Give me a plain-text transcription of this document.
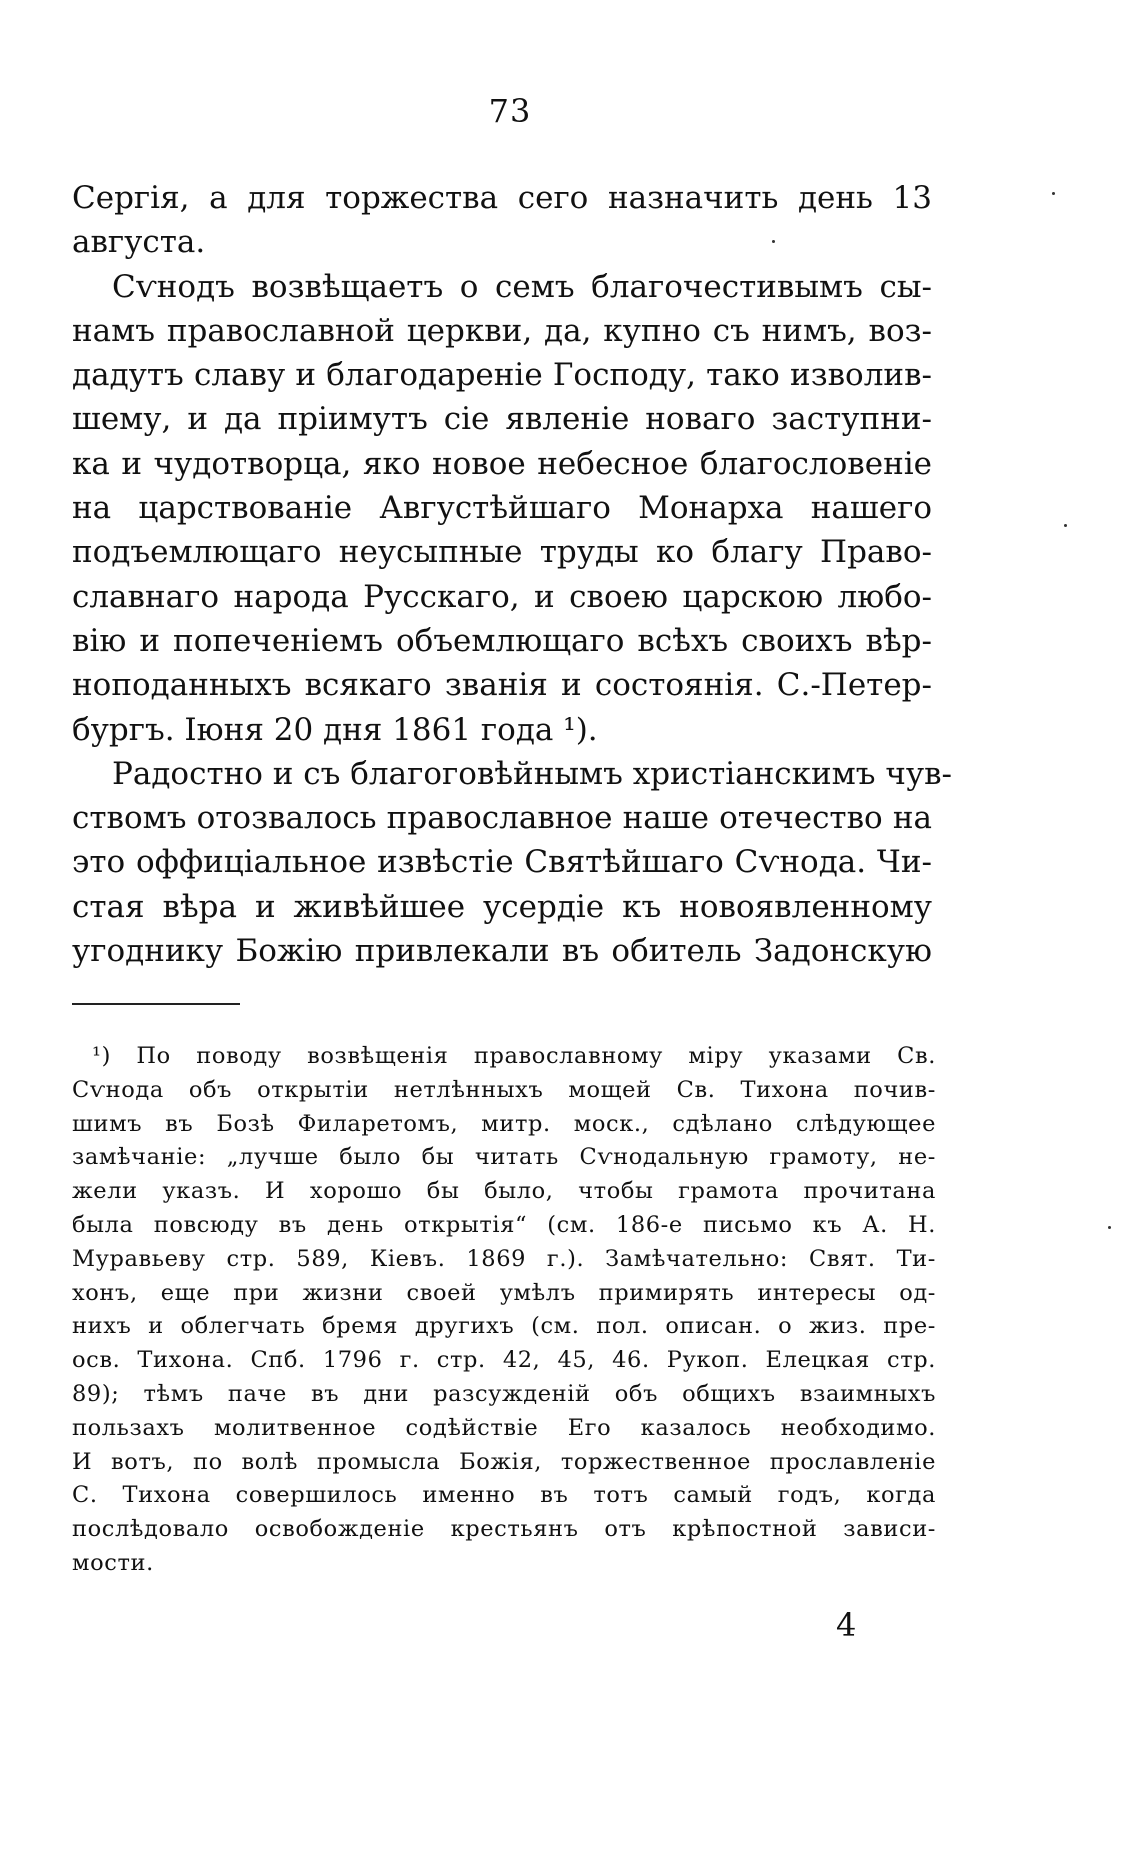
73
Сергія, а для торжества сего назначить день 13
августа.
Сѵнодъ возвѣщаетъ о семъ благочестивымъ сы-
намъ православной церкви, да, купно съ нимъ, воз-
дадутъ славу и благодареніе Господу, тако изволив-
шему, и да пріимутъ сіе явленіе новаго заступни-
ка и чудотворца, яко новое небесное благословеніе
на царствованіе Августѣйшаго Монарха нашего
подъемлющаго неусыпные труды ко благу Право-
славнаго народа Русскаго, и своею царскою любо-
вію и попеченіемъ объемлющаго всѣхъ своихъ вѣр-
ноподанныхъ всякаго званія и состоянія. С.-Петер-
бургъ. Іюня 20 дня 1861 года ¹).
Радостно и съ благоговѣйнымъ христіанскимъ чув-
ствомъ отозвалось православное наше отечество на
это оффиціальное извѣстіе Святѣйшаго Сѵнода. Чи-
стая вѣра и живѣйшее усердіе къ новоявленному
угоднику Божію привлекали въ обитель Задонскую
¹) По поводу возвѣщенія православному міру указами Св.
Сѵнода объ открытіи нетлѣнныхъ мощей Св. Тихона почив-
шимъ въ Бозѣ Филаретомъ, митр. моск., сдѣлано слѣдующее
замѣчаніе: „лучше было бы читать Сѵнодальную грамоту, не-
жели указъ. И хорошо бы было, чтобы грамота прочитана
была повсюду въ день открытія“ (см. 186-е письмо къ А. Н.
Муравьеву стр. 589, Кіевъ. 1869 г.). Замѣчательно: Свят. Ти-
хонъ, еще при жизни своей умѣлъ примирять интересы од-
нихъ и облегчать бремя другихъ (см. пол. описан. о жиз. пре-
осв. Тихона. Спб. 1796 г. стр. 42, 45, 46. Рукоп. Елецкая стр.
89); тѣмъ паче въ дни разсужденій объ общихъ взаимныхъ
пользахъ молитвенное содѣйствіе Его казалось необходимо.
И вотъ, по волѣ промысла Божія, торжественное прославленіе
С. Тихона совершилось именно въ тотъ самый годъ, когда
послѣдовало освобожденіе крестьянъ отъ крѣпостной зависи-
мости.
4
